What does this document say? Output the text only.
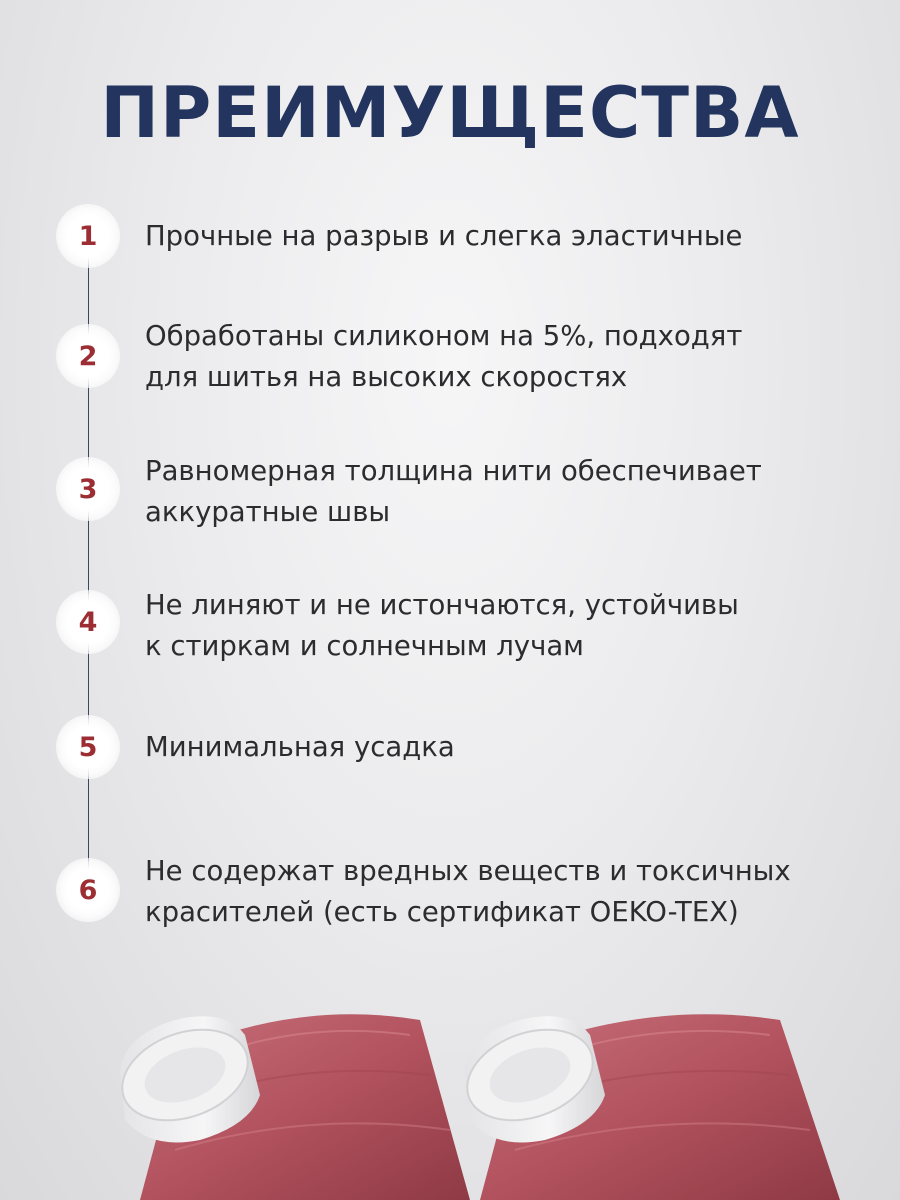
ПРЕИМУЩЕСТВА
1 Прочные на разрыв и слегка эластичные

2

Обработаны силиконом на 5%, подходят
для шитья на высоких скоростях

3

Равномерная толщина нити обеспечивает
аккуратные швы

4

Не линяют и не истончаются, устойчивы
к стиркам и солнечным лучам

5 Минимальная усадка

6

Не содержат вредных веществ и токсичных
красителей (есть сертификат OEKO-TEX)
